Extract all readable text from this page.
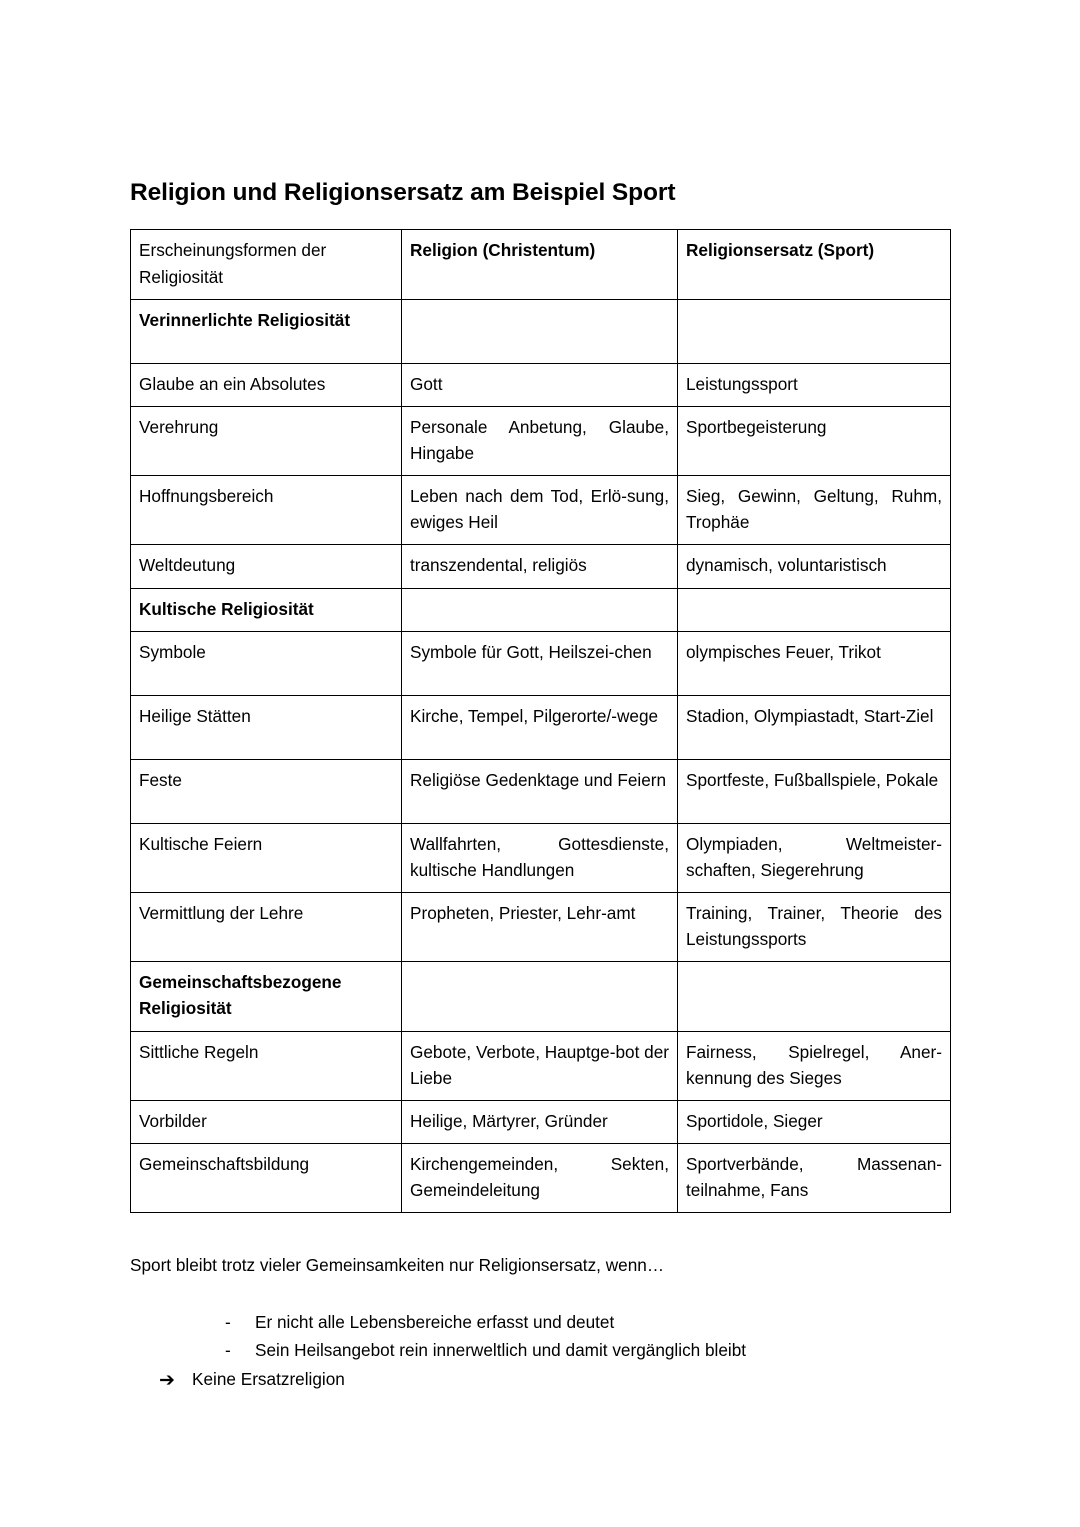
Religion und Religionsersatz am Beispiel Sport
Erscheinungsformen der Religiosität	Religion (Christentum)	Religionsersatz (Sport)
Verinnerlichte Religiosität		
Glaube an ein Absolutes	Gott	Leistungssport
Verehrung	Personale Anbetung, Glaube, Hingabe	Sportbegeisterung
Hoffnungsbereich	Leben nach dem Tod, Erlö-sung, ewiges Heil	Sieg, Gewinn, Geltung, Ruhm, Trophäe
Weltdeutung	transzendental, religiös	dynamisch, voluntaristisch
Kultische Religiosität		
Symbole	Symbole für Gott, Heilszei-chen	olympisches Feuer, Trikot
Heilige Stätten	Kirche, Tempel, Pilgerorte/-wege	Stadion, Olympiastadt, Start-Ziel
Feste	Religiöse Gedenktage und Feiern	Sportfeste, Fußballspiele, Pokale
Kultische Feiern	Wallfahrten, Gottesdienste, kultische Handlungen	Olympiaden, Weltmeister-schaften, Siegerehrung
Vermittlung der Lehre	Propheten, Priester, Lehr-amt	Training, Trainer, Theorie des Leistungssports
Gemeinschaftsbezogene Religiosität		
Sittliche Regeln	Gebote, Verbote, Hauptge-bot der Liebe	Fairness, Spielregel, Aner-kennung des Sieges
Vorbilder	Heilige, Märtyrer, Gründer	Sportidole, Sieger
Gemeinschaftsbildung	Kirchengemeinden, Sekten, Gemeindeleitung	Sportverbände, Massenan-teilnahme, Fans

Sport bleibt trotz vieler Gemeinsamkeiten nur Religionsersatz, wenn…

- Er nicht alle Lebensbereiche erfasst und deutet
- Sein Heilsangebot rein innerweltlich und damit vergänglich bleibt

➔ Keine Ersatzreligion
